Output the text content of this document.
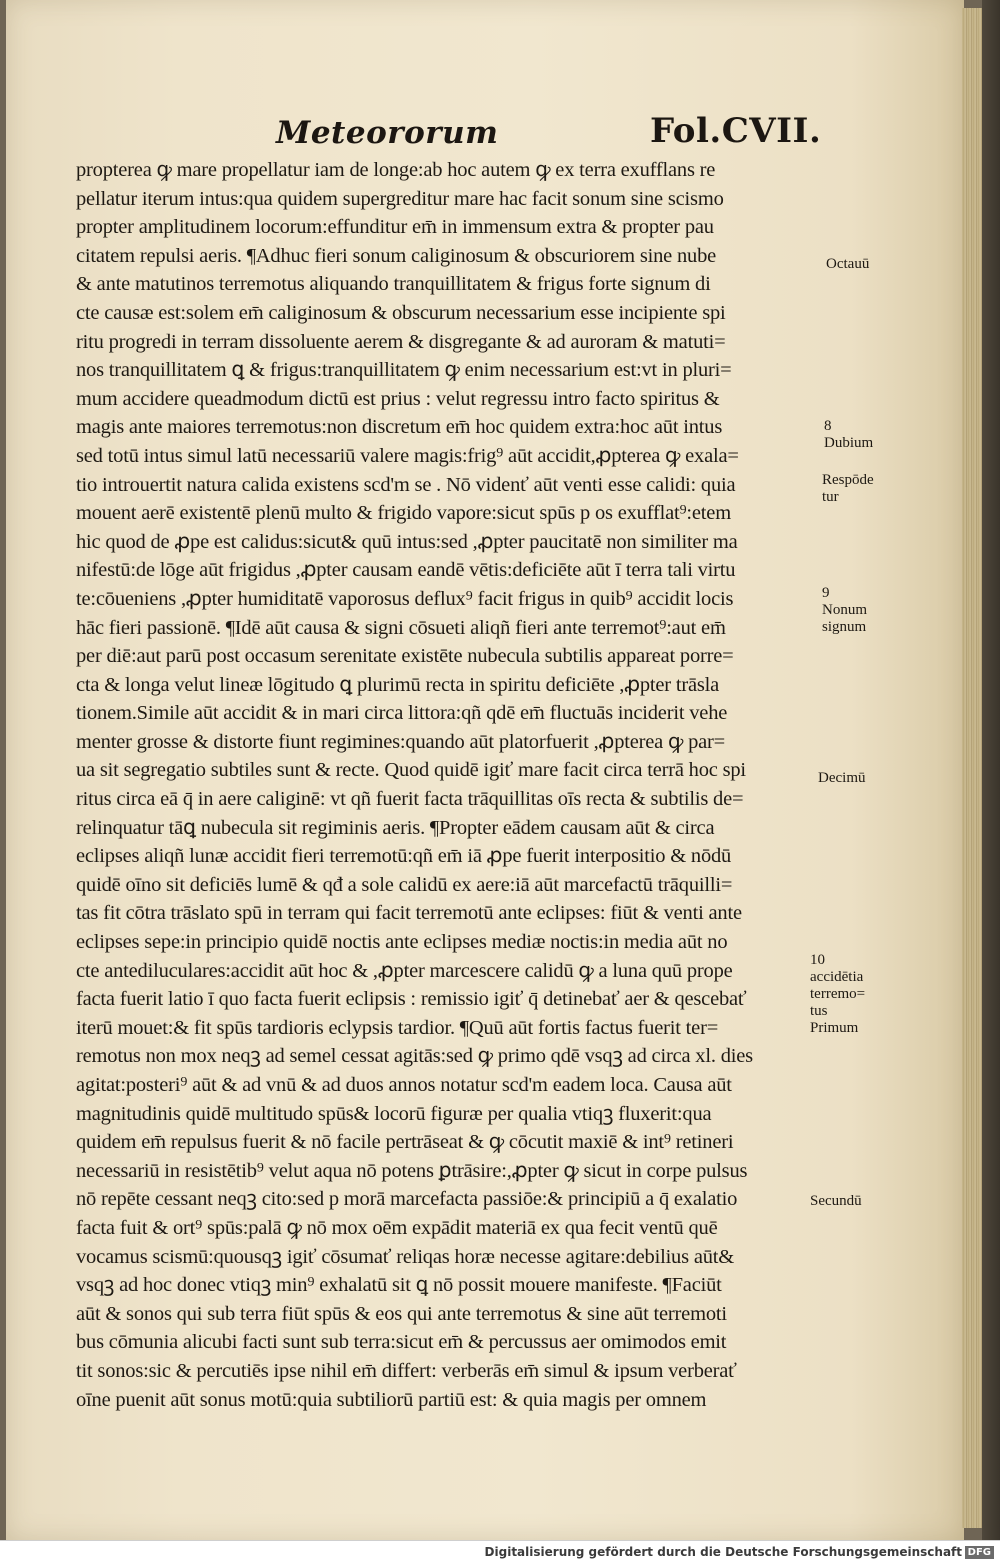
Meteororum	Fol.CVII.
propterea ꝙ mare propellatur iam de longe:ab hoc autem ꝙ ex terra exufflans re
pellatur iterum intus:qua quidem supergreditur mare hac facit sonum sine scismo
propter amplitudinem locorum:effunditur em̄ in immensum extra & propter pau
citatem repulsi aeris. ¶Adhuc fieri sonum caliginosum & obscuriorem sine nube
& ante matutinos terremotus aliquando tranquillitatem & frigus forte signum di
cte causæ est:solem em̄ caliginosum & obscurum necessarium esse incipiente spi
ritu progredi in terram dissoluente aerem & disgregante & ad auroram & matuti=
nos tranquillitatem ꝗ & frigus:tranquillitatem ꝙ enim necessarium est:vt in pluri=
mum accidere queadmodum dictū est prius : velut regressu intro facto spiritus &
magis ante maiores terremotus:non discretum em̄ hoc quidem extra:hoc aūt intus
sed totū intus simul latū necessariū valere magis:frig⁹ aūt accidit,ꝓpterea ꝙ exala=
tio introuertit natura calida existens scd'm se . Nō videnť aūt venti esse calidi: quia
mouent aerē existentē plenū multo & frigido vapore:sicut spūs p os exufflat⁹:etem
hic quod de ꝓpe est calidus:sicut& quū intus:sed ,ꝓpter paucitatē non similiter ma
nifestū:de lōge aūt frigidus ,ꝓpter causam eandē vētis:deficiēte aūt ī terra tali virtu
te:cōueniens ,ꝓpter humiditatē vaporosus deflux⁹ facit frigus in quib⁹ accidit locis
hāc fieri passionē. ¶Idē aūt causa & signi cōsueti aliqñ fieri ante terremot⁹:aut em̄
per diē:aut parū post occasum serenitate existēte nubecula subtilis appareat porre=
cta & longa velut lineæ lōgitudo ꝗ plurimū recta in spiritu deficiēte ,ꝓpter trāsla
tionem.Simile aūt accidit & in mari circa littora:qñ qdē em̄ fluctuās inciderit vehe
menter grosse & distorte fiunt regimines:quando aūt platorfuerit ,ꝓpterea ꝙ par=
ua sit segregatio subtiles sunt & recte. Quod quidē igiť mare facit circa terrā hoc spi
ritus circa eā q̄ in aere caliginē: vt qñ fuerit facta trāquillitas oīs recta & subtilis de=
relinquatur tāꝗ nubecula sit regiminis aeris. ¶Propter eādem causam aūt & circa
eclipses aliqñ lunæ accidit fieri terremotū:qñ em̄ iā ꝓpe fuerit interpositio & nōdū
quidē oīno sit deficiēs lumē & qđ a sole calidū ex aere:iā aūt marcefactū trāquilli=
tas fit cōtra trāslato spū in terram qui facit terremotū ante eclipses: fiūt & venti ante
eclipses sepe:in principio quidē noctis ante eclipses mediæ noctis:in media aūt no
cte antediluculares:accidit aūt hoc & ,ꝓpter marcescere calidū ꝙ a luna quū prope
facta fuerit latio ī quo facta fuerit eclipsis : remissio igiť q̄ detinebať aer & qescebať
iterū mouet:& fit spūs tardioris eclypsis tardior. ¶Quū aūt fortis factus fuerit ter=
remotus non mox neqꝫ ad semel cessat agitās:sed ꝙ primo qdē vsqꝫ ad circa xl. dies
agitat:posteri⁹ aūt & ad vnū & ad duos annos notatur scd'm eadem loca. Causa aūt
magnitudinis quidē multitudo spūs& locorū figuræ per qualia vtiqꝫ fluxerit:qua
quidem em̄ repulsus fuerit & nō facile pertrāseat & ꝙ cōcutit maxiē & int⁹ retineri
necessariū in resistētib⁹ velut aqua nō potens ꝑtrāsire:,ꝓpter ꝙ sicut in corpe pulsus
nō repēte cessant neqꝫ cito:sed p morā marcefacta passiōe:& principiū a q̄ exalatio
facta fuit & ort⁹ spūs:palā ꝙ nō mox oēm expādit materiā ex qua fecit ventū quē
vocamus scismū:quousqꝫ igiť cōsumať reliqas horæ necesse agitare:debilius aūt&
vsqꝫ ad hoc donec vtiqꝫ min⁹ exhalatū sit ꝗ nō possit mouere manifeste. ¶Faciūt
aūt & sonos qui sub terra fiūt spūs & eos qui ante terremotus & sine aūt terremoti
bus cōmunia alicubi facti sunt sub terra:sicut em̄ & percussus aer omimodos emit
tit sonos:sic & percutiēs ipse nihil em̄ differt: verberās em̄ simul & ipsum verberať
oīne puenit aūt sonus motū:quia subtiliorū partiū est: & quia magis per omnem
Octauū
8
Dubium
Respōde
tur
9
Nonum
signum
Decimū
10
accidētia
terremo=
tus
Primum
Secundū
Digitalisierung gefördert durch die Deutsche Forschungsgemeinschaft DFG
